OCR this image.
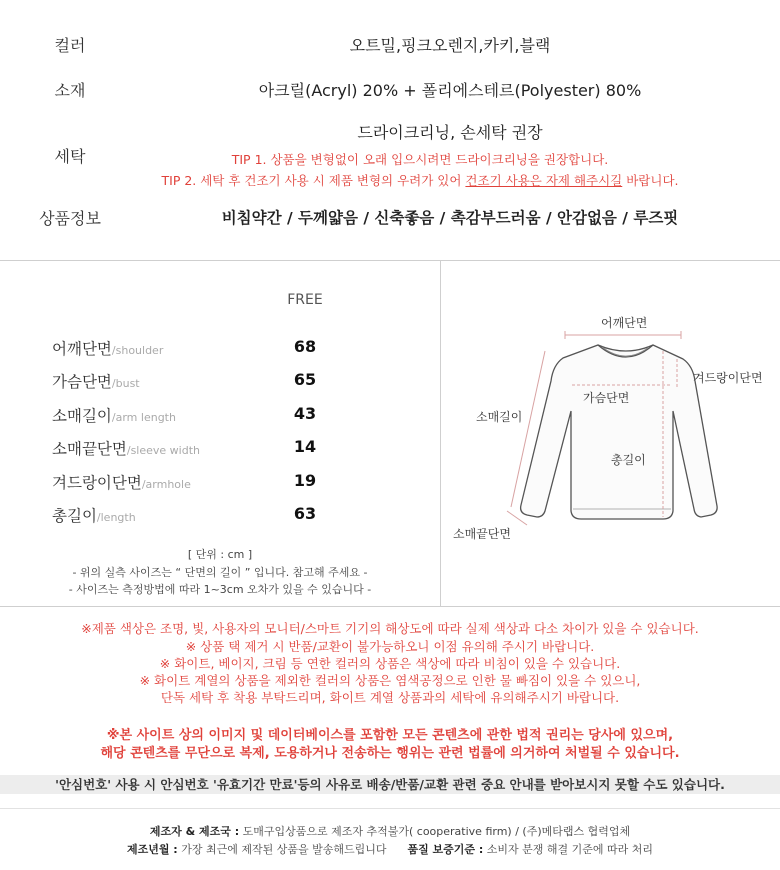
컬러	오트밀,핑크오렌지,카키,블랙
소재	아크릴(Acryl) 20% + 폴리에스테르(Polyester) 80%
드라이크리닝, 손세탁 권장
세탁	TIP 1. 상품을 변형없이 오래 입으시려면 드라이크리닝을 권장합니다.
TIP 2. 세탁 후 건조기 사용 시 제품 변형의 우려가 있어 건조기 사용은 자제 해주시길 바랍니다.
상품정보	비침약간 / 두께얇음 / 신축좋음 / 촉감부드러움 / 안감없음 / 루즈핏
FREE
어깨단면/shoulder	68
가슴단면/bust	65
소매길이/arm length	43
소매끝단면/sleeve width	14
겨드랑이단면/armhole	19
총길이/length	63
[ 단위 : cm ]
- 위의 실측 사이즈는 “ 단면의 길이 ” 입니다. 참고해 주세요 -
- 사이즈는 측정방법에 따라 1~3cm 오차가 있을 수 있습니다 -
어깨단면
겨드랑이단면
가슴단면
소매길이
총길이
소매끝단면
※제품 색상은 조명, 빛, 사용자의 모니터/스마트 기기의 해상도에 따라 실제 색상과 다소 차이가 있을 수 있습니다.
※ 상품 택 제거 시 반품/교환이 불가능하오니 이점 유의해 주시기 바랍니다.
※ 화이트, 베이지, 크림 등 연한 컬러의 상품은 색상에 따라 비침이 있을 수 있습니다.
※ 화이트 계열의 상품을 제외한 컬러의 상품은 염색공정으로 인한 물 빠짐이 있을 수 있으니,
단독 세탁 후 착용 부탁드리며, 화이트 계열 상품과의 세탁에 유의해주시기 바랍니다.
※본 사이트 상의 이미지 및 데이터베이스를 포함한 모든 콘텐츠에 관한 법적 권리는 당사에 있으며,
해당 콘텐츠를 무단으로 복제, 도용하거나 전송하는 행위는 관련 법률에 의거하여 처벌될 수 있습니다.
'안심번호' 사용 시 안심번호 '유효기간 만료'등의 사유로 배송/반품/교환 관련 중요 안내를 받아보시지 못할 수도 있습니다.
제조자 & 제조국 : 도매구입상품으로 제조자 추적불가( cooperative firm) / (주)메타랩스 협력업체
제조년월 : 가장 최근에 제작된 상품을 발송해드립니다 품질 보증기준 : 소비자 분쟁 해결 기준에 따라 처리
